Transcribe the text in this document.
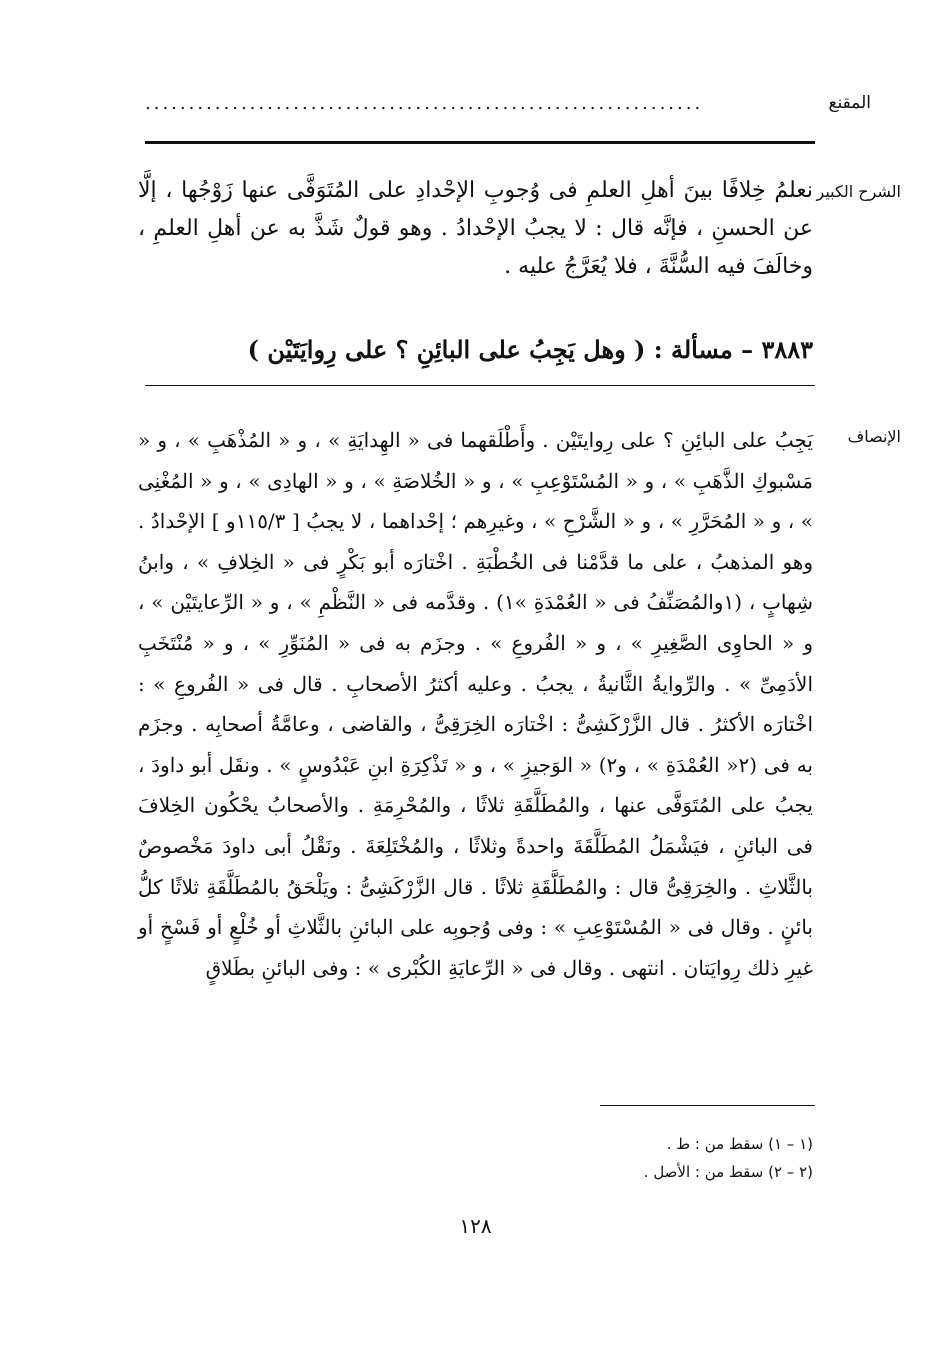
المقنع
................................................................
الشرح الكبير

نعلمُ خِلافًا بينَ أهلِ العلمِ فى وُجوبِ الإحْدادِ على المُتَوَفَّى عنها زَوْجُها ، إلَّا عن الحسنِ ، فإنَّه قال : لا يجبُ الإحْدادُ . وهو قولٌ شَذَّ به عن أهلِ العلمِ ، وخالَفَ فيه السُّنَّةَ ، فلا يُعَرَّجُ عليه .

٣٨٨٣ – مسألة : ( وهل يَجِبُ على البائِنِ ؟ على رِوايَتَيْن )

الإنصاف

يَجِبُ على البائِنِ ؟ على رِوايتَيْن . وأَطْلَقهما فى « الهِدايَةِ » ، و « المُذْهَبِ » ، و « مَسْبوكِ الذَّهَبِ » ، و « المُسْتَوْعِبِ » ، و « الخُلاصَةِ » ، و « الهادِى » ، و « المُغْنِى » ، و « المُحَرَّرِ » ، و « الشَّرْحِ » ، وغيرِهم ؛ إحْداهما ، لا يجبُ [ ١١٥/٣و ] الإحْدادُ . وهو المذهبُ ، على ما قدَّمْنا فى الخُطْبَةِ . اخْتارَه أبو بَكْرٍ فى « الخِلافِ » ، وابنُ شِهابٍ ، (١والمُصَنِّفُ فى « العُمْدَةِ »١) . وقدَّمه فى « النَّظْمِ » ، و « الرِّعايتَيْن » ، و « الحاوِى الصَّغِيرِ » ، و « الفُروعِ » . وجزَم به فى « المُنَوِّرِ » ، و « مُنْتَخَبِ الأدَمِىِّ » . والرِّوايةُ الثَّانيةُ ، يجبُ . وعليه أكثرُ الأصحابِ . قال فى « الفُروعِ » : اخْتارَه الأكثرُ . قال الزَّرْكَشِىُّ : اخْتارَه الخِرَقِىُّ ، والقاضى ، وعامَّةُ أصحابِه . وجزَم به فى (٢« العُمْدَةِ » ، و٢) « الوَجيزِ » ، و « تَذْكِرَةِ ابنِ عَبْدُوسٍ » . ونقَل أبو داودَ ، يجبُ على المُتَوَفَّى عنها ، والمُطَلَّقَةِ ثلاثًا ، والمُحْرِمَةِ . والأصحابُ يحْكُون الخِلافَ فى البائنِ ، فيَشْمَلُ المُطَلَّقَةَ واحدةً وثلاثًا ، والمُخْتَلِعَةَ . ونَقْلُ أبى داودَ مَخْصوصٌ بالثَّلاثِ . والخِرَقِىُّ قال : والمُطَلَّقَةِ ثلاثًا . قال الزَّرْكَشِىُّ : ويَلْحَقُ بالمُطَلَّقَةِ ثلاثًا كلُّ بائنٍ . وقال فى « المُسْتَوْعِبِ » : وفى وُجوبِه على البائنِ بالثَّلاثِ أو خُلْعٍ أو فَسْخٍ أو غيرِ ذلك رِوايَتان . انتهى . وقال فى « الرِّعايَةِ الكُبْرى » : وفى البائنِ بطَلاقٍ

(١ – ١) سقط من : ط .
(٢ – ٢) سقط من : الأصل .
١٢٨
